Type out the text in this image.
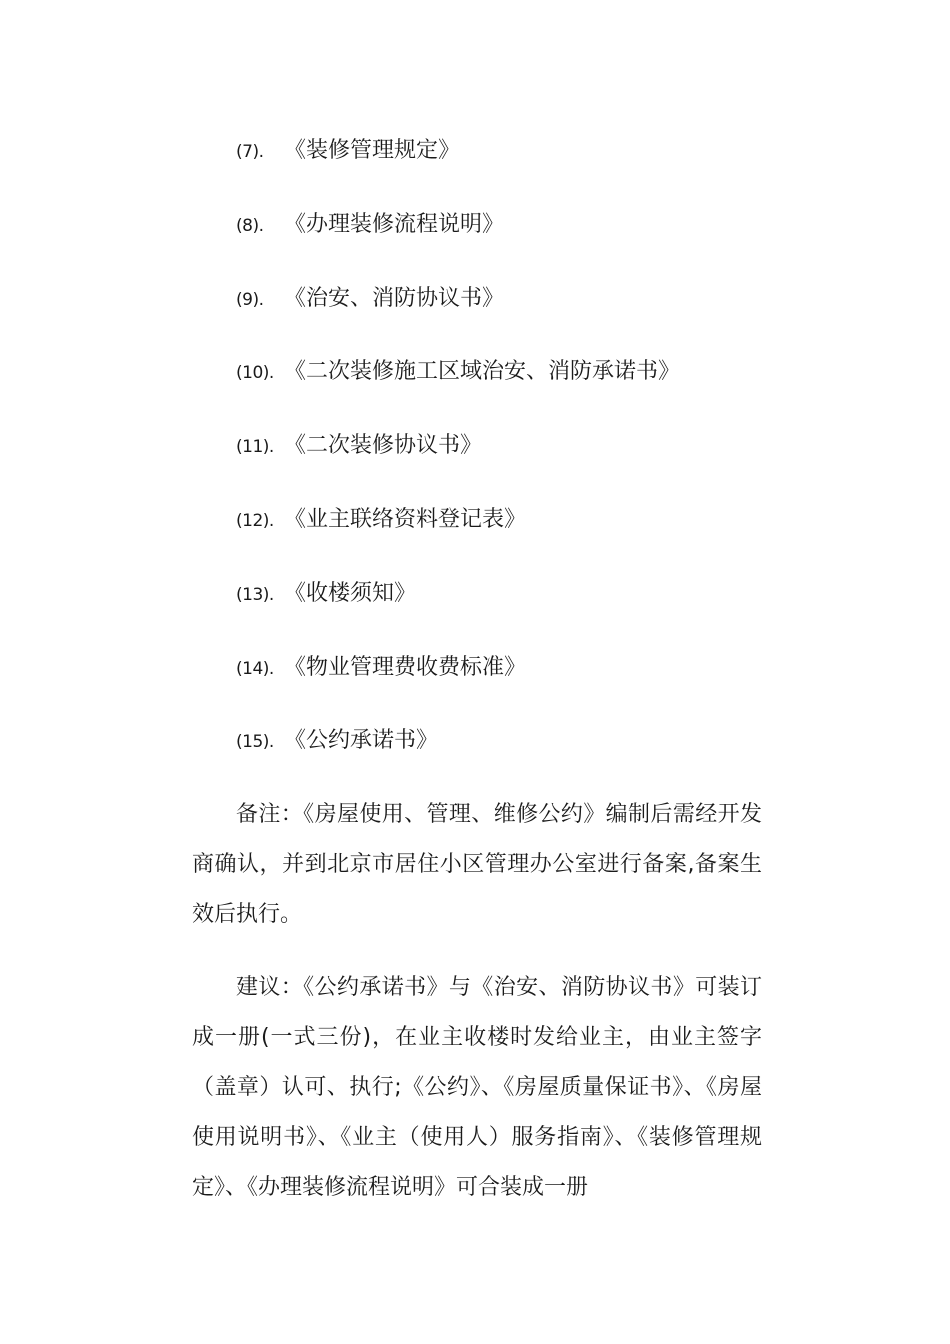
(7). 《装修管理规定》
(8). 《办理装修流程说明》
(9). 《治安、消防协议书》
(10). 《二次装修施工区域治安、消防承诺书》
(11). 《二次装修协议书》
(12). 《业主联络资料登记表》
(13). 《收楼须知》
(14). 《物业管理费收费标准》
(15). 《公约承诺书》

备注：《房屋使用、管理、维修公约》编制后需经开发商确认，并到北京市居住小区管理办公室进行备案,备案生效后执行。

建议：《公约承诺书》与《治安、消防协议书》可装订成一册(一式三份)，在业主收楼时发给业主，由业主签字（盖章）认可、执行;《公约》、《房屋质量保证书》、《房屋使用说明书》、《业主（使用人）服务指南》、《装修管理规定》、《办理装修流程说明》可合装成一册
